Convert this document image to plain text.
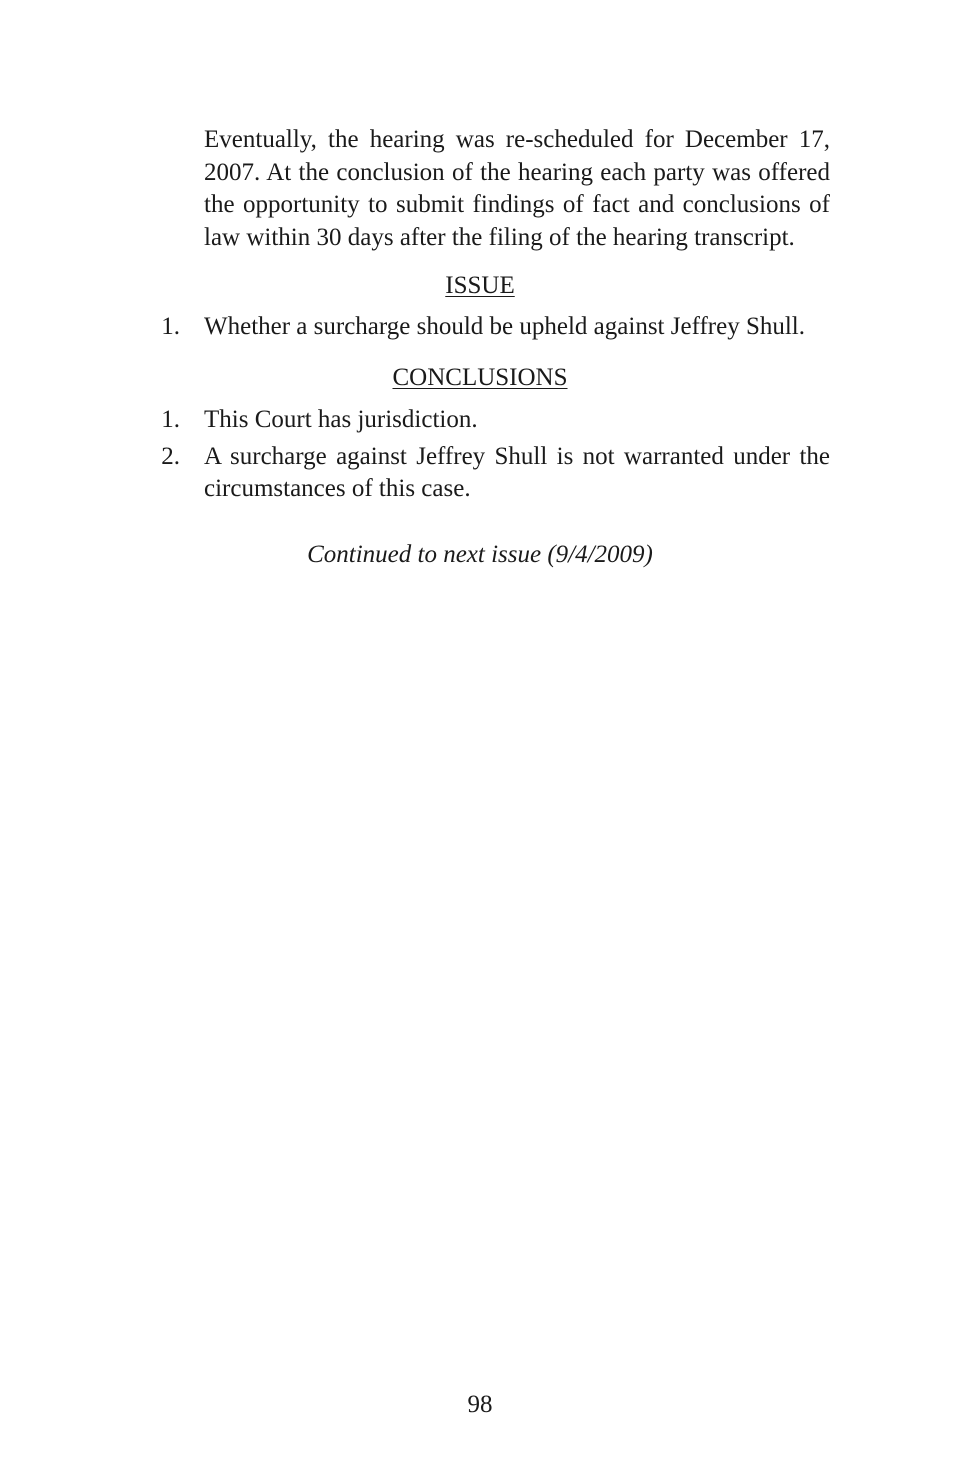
Eventually, the hearing was re-scheduled for December 17, 2007. At the conclusion of the hearing each party was offered the opportunity to submit findings of fact and conclusions of law within 30 days after the filing of the hearing transcript.

ISSUE
1. Whether a surcharge should be upheld against Jeffrey Shull.
CONCLUSIONS
1. This Court has jurisdiction.
2. A surcharge against Jeffrey Shull is not warranted under the circumstances of this case.
Continued to next issue (9/4/2009)
98
